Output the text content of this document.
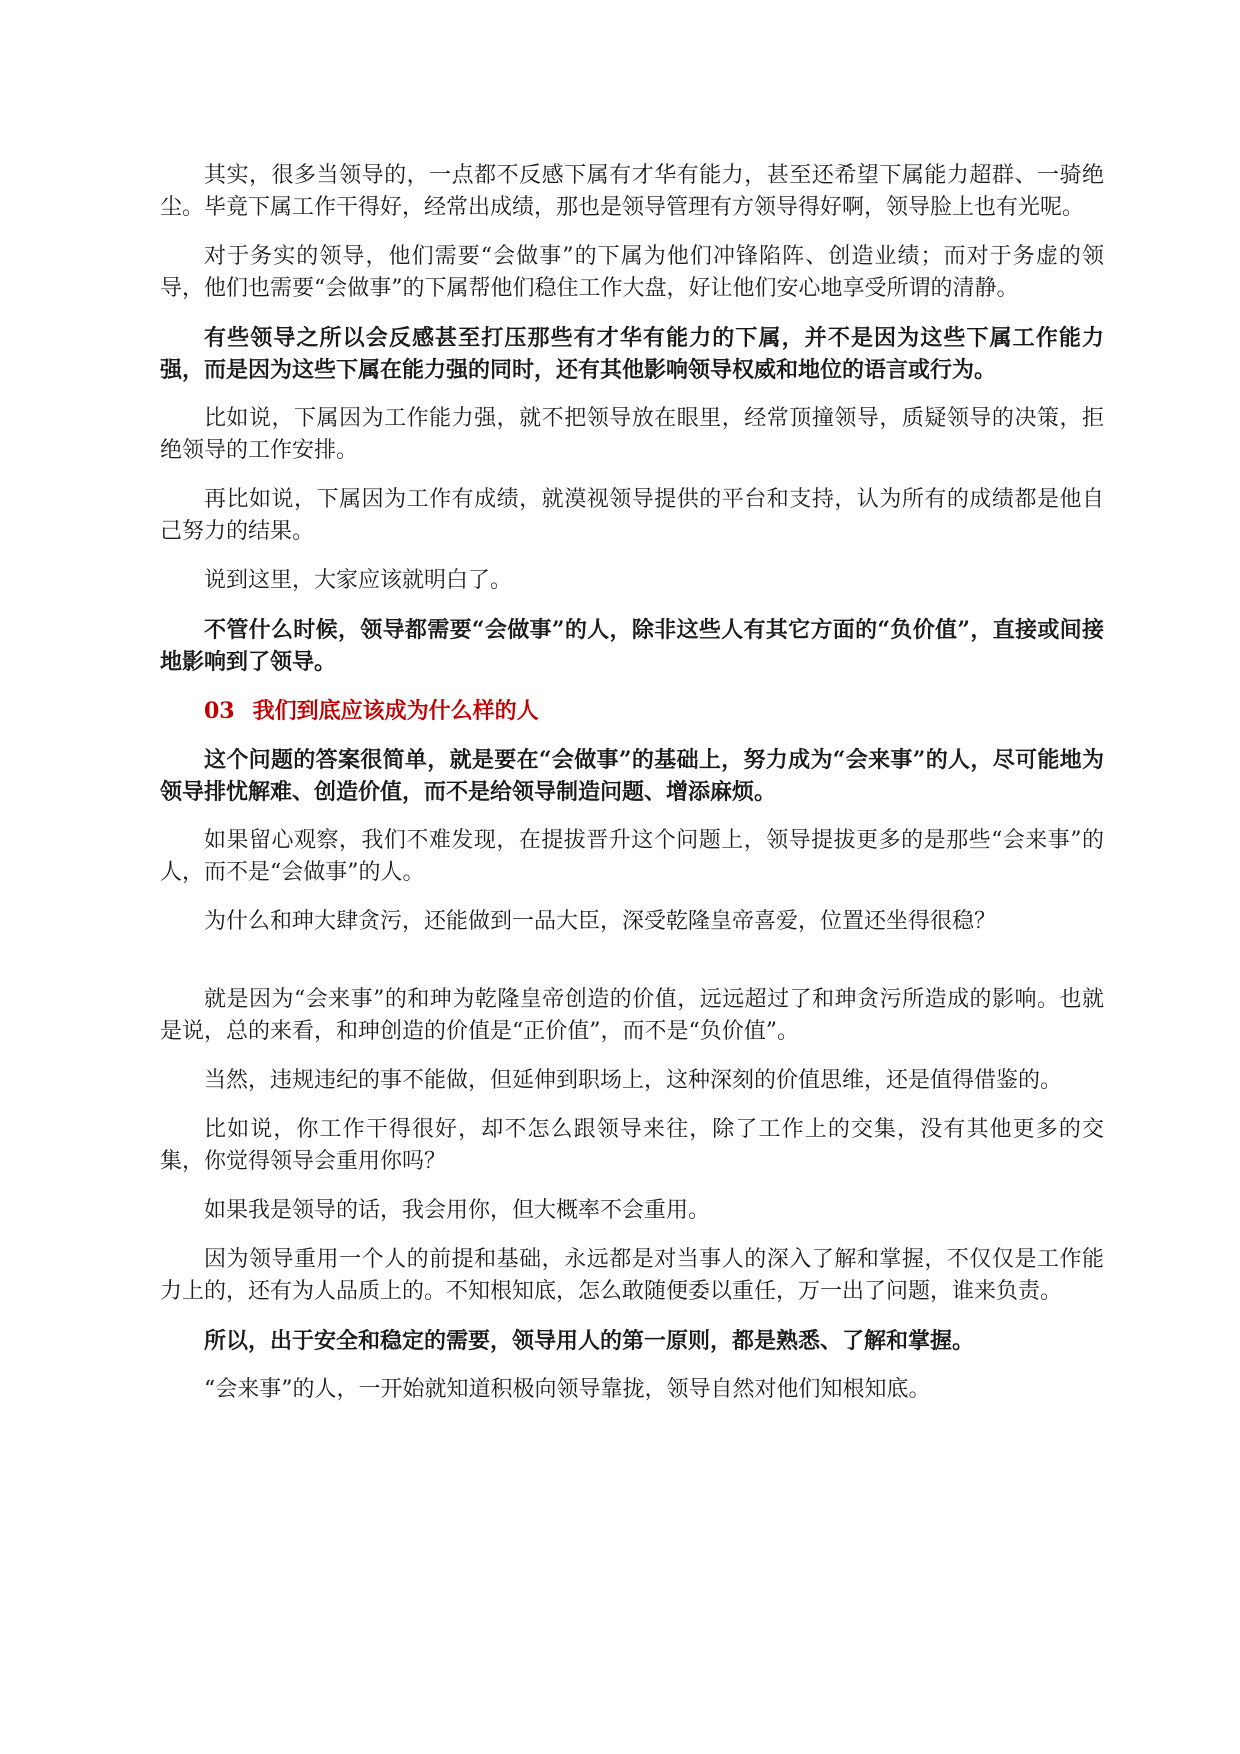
其实，很多当领导的，一点都不反感下属有才华有能力，甚至还希望下属能力超群、一骑绝尘。毕竟下属工作干得好，经常出成绩，那也是领导管理有方领导得好啊，领导脸上也有光呢。

对于务实的领导，他们需要“会做事”的下属为他们冲锋陷阵、创造业绩；而对于务虚的领导，他们也需要“会做事”的下属帮他们稳住工作大盘，好让他们安心地享受所谓的清静。

有些领导之所以会反感甚至打压那些有才华有能力的下属，并不是因为这些下属工作能力强，而是因为这些下属在能力强的同时，还有其他影响领导权威和地位的语言或行为。

比如说，下属因为工作能力强，就不把领导放在眼里，经常顶撞领导，质疑领导的决策，拒绝领导的工作安排。

再比如说，下属因为工作有成绩，就漠视领导提供的平台和支持，认为所有的成绩都是他自己努力的结果。

说到这里，大家应该就明白了。

不管什么时候，领导都需要“会做事”的人，除非这些人有其它方面的“负价值”，直接或间接地影响到了领导。

03 我们到底应该成为什么样的人

这个问题的答案很简单，就是要在“会做事”的基础上，努力成为“会来事”的人，尽可能地为领导排忧解难、创造价值，而不是给领导制造问题、增添麻烦。

如果留心观察，我们不难发现，在提拔晋升这个问题上，领导提拔更多的是那些“会来事”的人，而不是“会做事”的人。

为什么和珅大肆贪污，还能做到一品大臣，深受乾隆皇帝喜爱，位置还坐得很稳？

就是因为“会来事”的和珅为乾隆皇帝创造的价值，远远超过了和珅贪污所造成的影响。也就是说，总的来看，和珅创造的价值是“正价值”，而不是“负价值”。

当然，违规违纪的事不能做，但延伸到职场上，这种深刻的价值思维，还是值得借鉴的。

比如说，你工作干得很好，却不怎么跟领导来往，除了工作上的交集，没有其他更多的交集，你觉得领导会重用你吗？

如果我是领导的话，我会用你，但大概率不会重用。

因为领导重用一个人的前提和基础，永远都是对当事人的深入了解和掌握，不仅仅是工作能力上的，还有为人品质上的。不知根知底，怎么敢随便委以重任，万一出了问题，谁来负责。

所以，出于安全和稳定的需要，领导用人的第一原则，都是熟悉、了解和掌握。

“会来事”的人，一开始就知道积极向领导靠拢，领导自然对他们知根知底。
